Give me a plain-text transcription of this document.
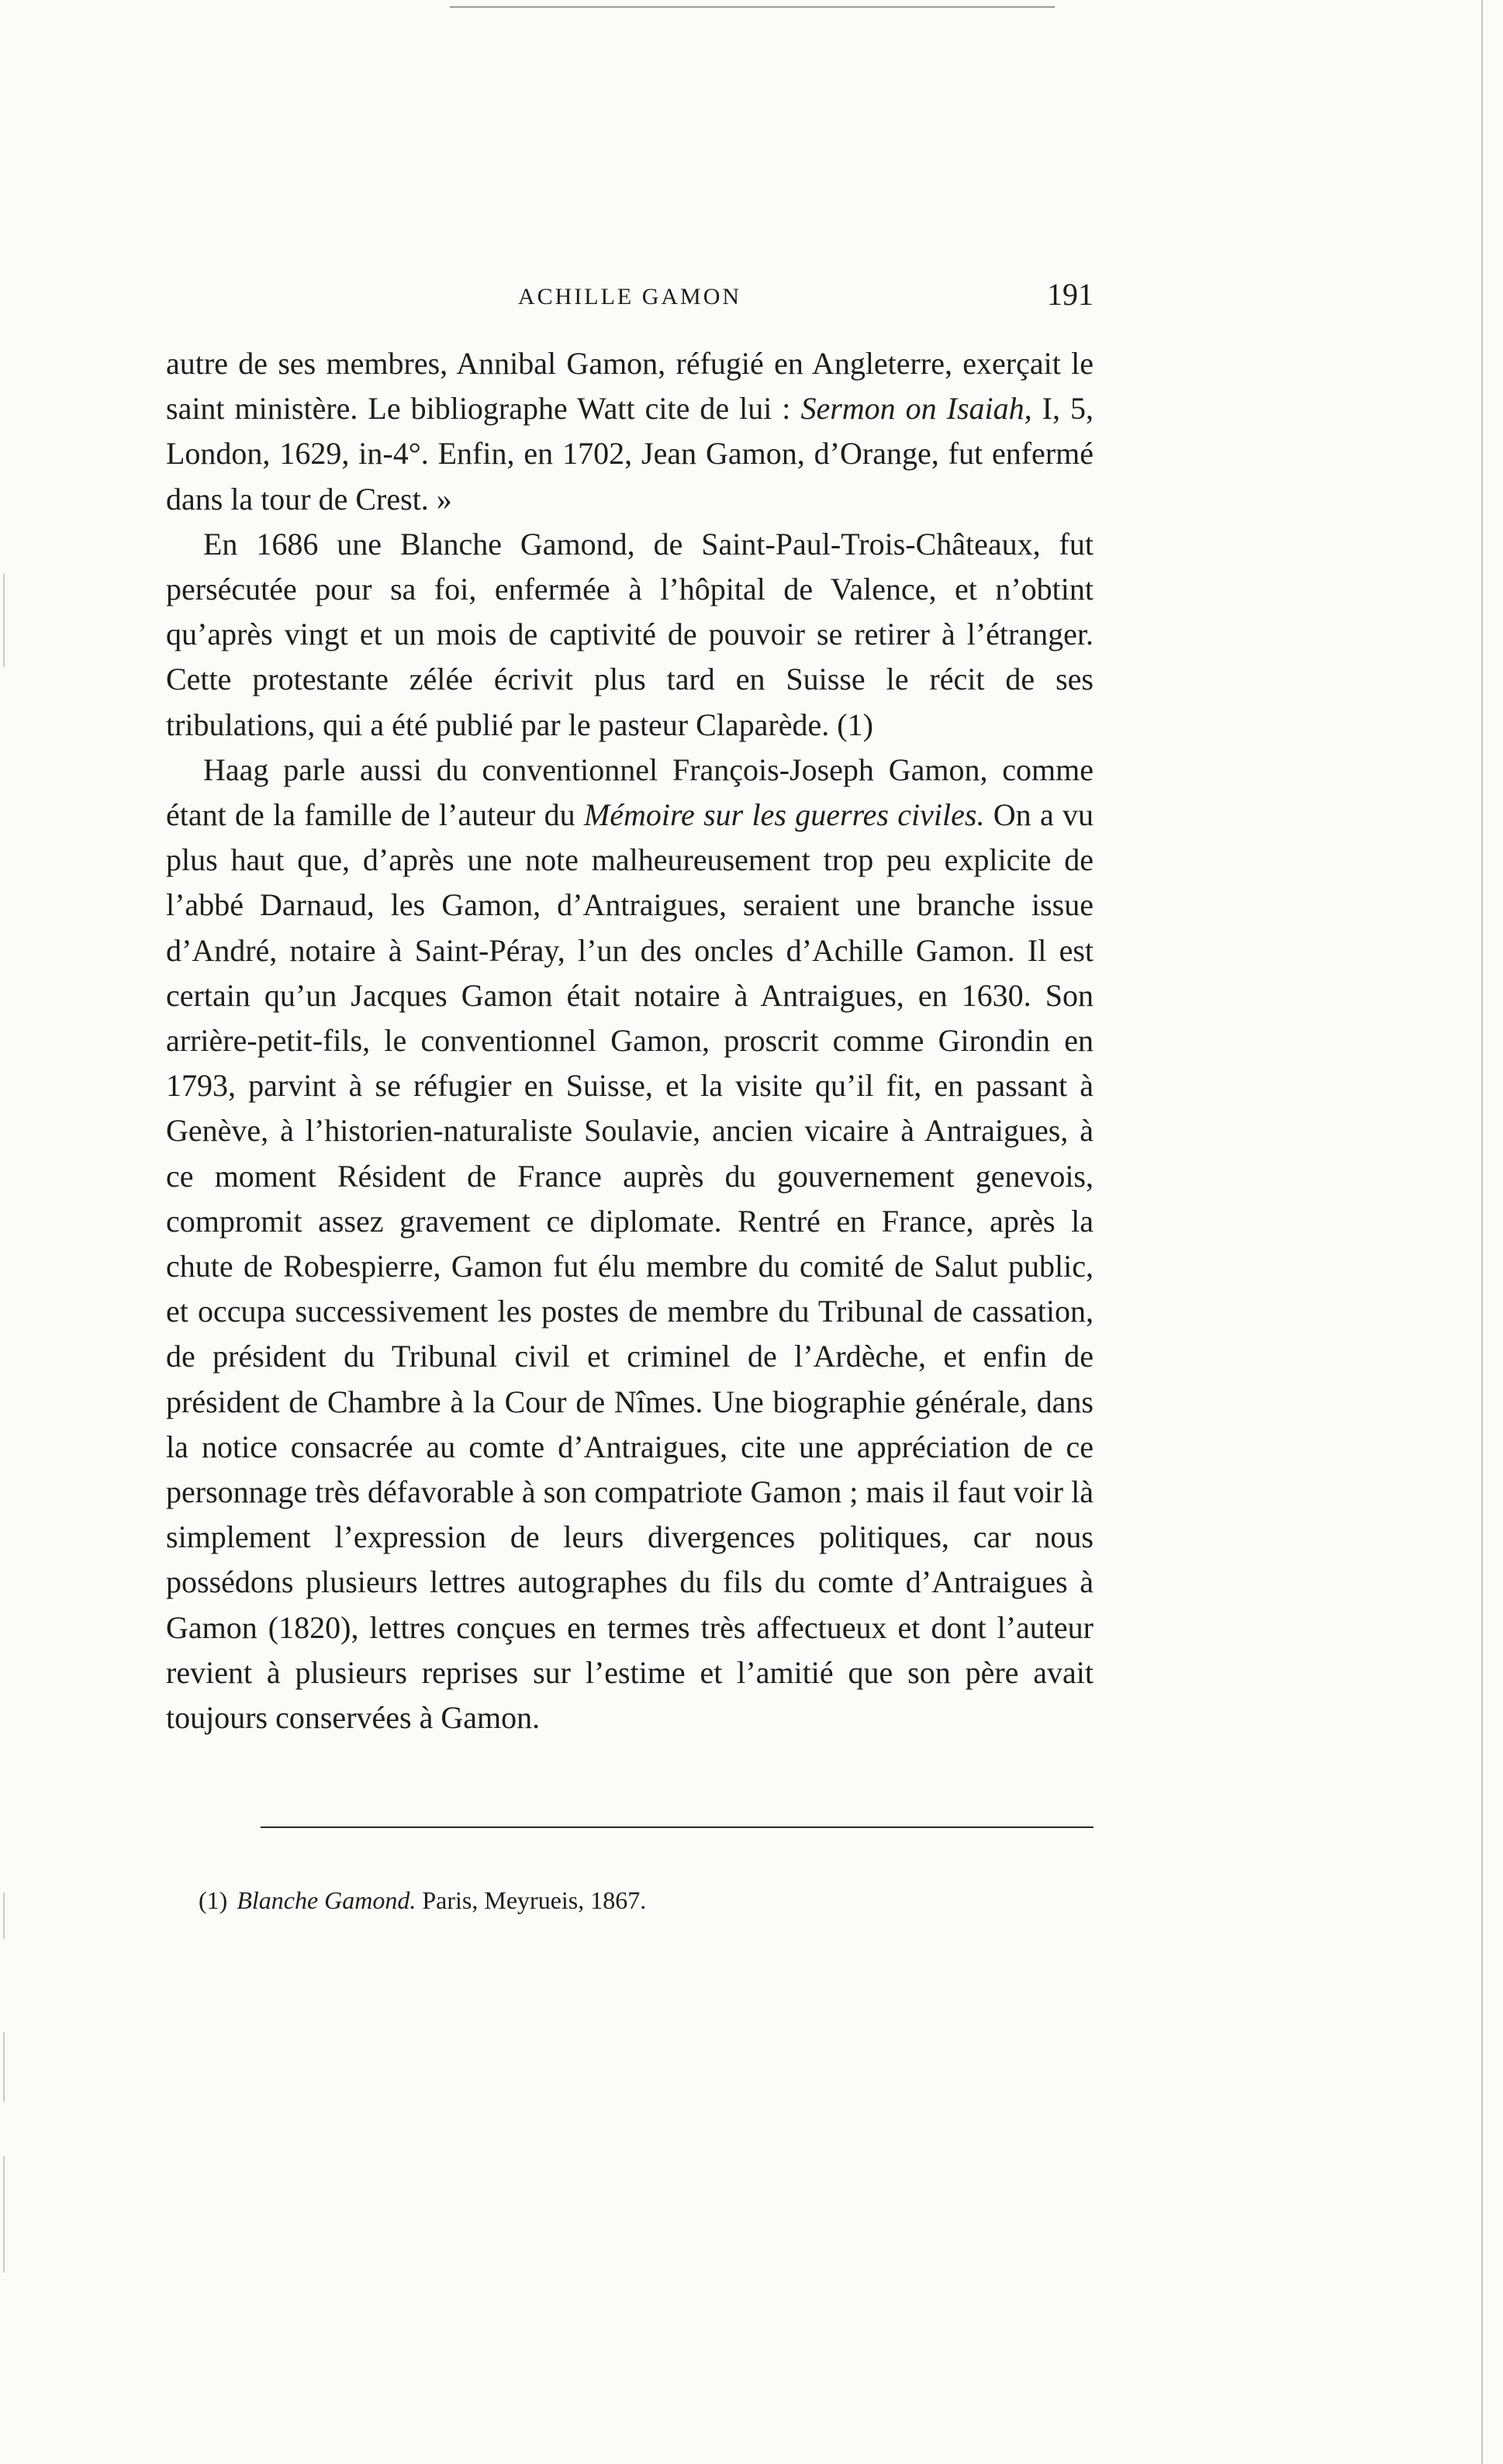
ACHILLE GAMON	191

autre de ses membres, Annibal Gamon, réfugié en Angleterre, exerçait le saint ministère. Le bibliographe Watt cite de lui : Sermon on Isaiah, I, 5, London, 1629, in-4°. Enfin, en 1702, Jean Gamon, d’Orange, fut enfermé dans la tour de Crest. »

En 1686 une Blanche Gamond, de Saint-Paul-Trois-Châteaux, fut persécutée pour sa foi, enfermée à l’hôpital de Valence, et n’obtint qu’après vingt et un mois de captivité de pouvoir se retirer à l’étranger. Cette protestante zélée écrivit plus tard en Suisse le récit de ses tribulations, qui a été publié par le pasteur Claparède. (1)

Haag parle aussi du conventionnel François-Joseph Gamon, comme étant de la famille de l’auteur du Mémoire sur les guerres civiles. On a vu plus haut que, d’après une note malheureusement trop peu explicite de l’abbé Darnaud, les Gamon, d’Antraigues, seraient une branche issue d’André, notaire à Saint-Péray, l’un des oncles d’Achille Gamon. Il est certain qu’un Jacques Gamon était notaire à Antraigues, en 1630. Son arrière-petit-fils, le conventionnel Gamon, proscrit comme Girondin en 1793, parvint à se réfugier en Suisse, et la visite qu’il fit, en passant à Genève, à l’historien-naturaliste Soulavie, ancien vicaire à Antraigues, à ce moment Résident de France auprès du gouvernement genevois, compromit assez gravement ce diplomate. Rentré en France, après la chute de Robespierre, Gamon fut élu membre du comité de Salut public, et occupa successivement les postes de membre du Tribunal de cassation, de président du Tribunal civil et criminel de l’Ardèche, et enfin de président de Chambre à la Cour de Nîmes. Une biographie générale, dans la notice consacrée au comte d’Antraigues, cite une appréciation de ce personnage très défavorable à son compatriote Gamon ; mais il faut voir là simplement l’expression de leurs divergences politiques, car nous possédons plusieurs lettres autographes du fils du comte d’Antraigues à Gamon (1820), lettres conçues en termes très affectueux et dont l’auteur revient à plusieurs reprises sur l’estime et l’amitié que son père avait toujours conservées à Gamon.

(1) Blanche Gamond. Paris, Meyrueis, 1867.
